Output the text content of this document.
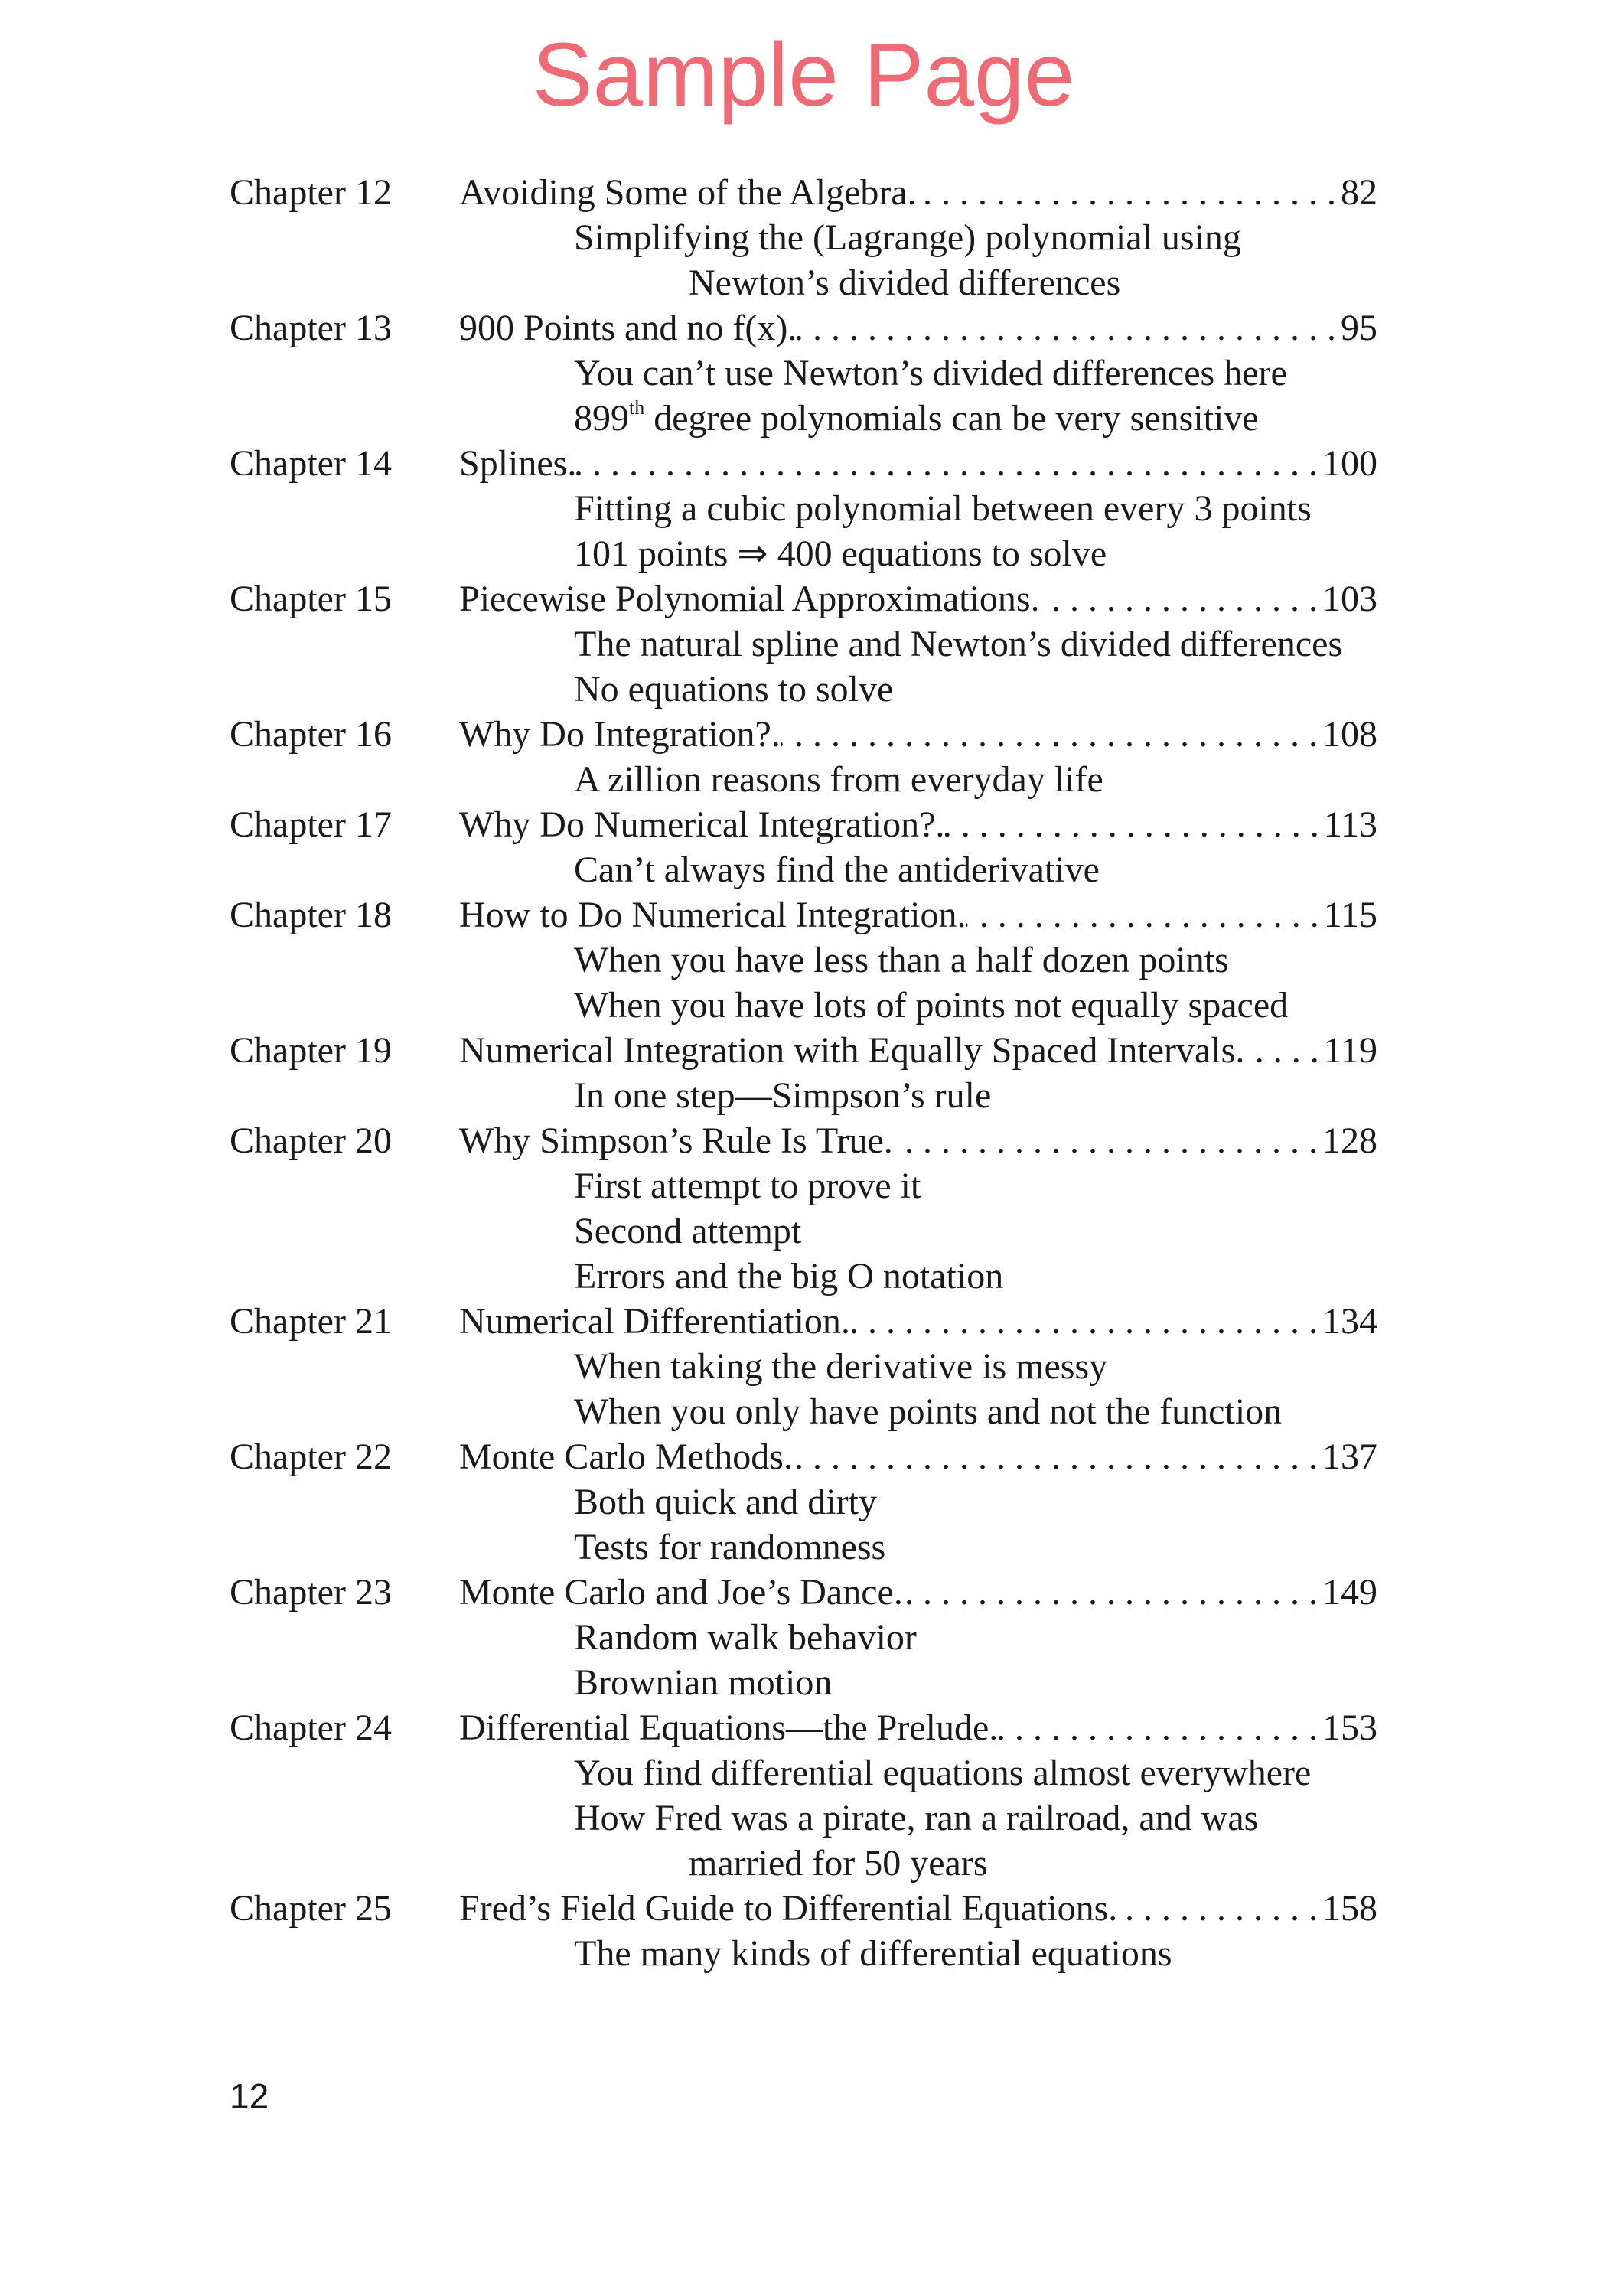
Sample Page
Chapter 12 Avoiding Some of the Algebra. . . .	82
Simplifying the (Lagrange) polynomial using
Newton’s divided differences
Chapter 13 900 Points and no f(x). . . .	95
You can’t use Newton’s divided differences here
899th degree polynomials can be very sensitive
Chapter 14 Splines. . . .	100
Fitting a cubic polynomial between every 3 points
101 points ⇒ 400 equations to solve
Chapter 15 Piecewise Polynomial Approximations. . . .	103
The natural spline and Newton’s divided differences
No equations to solve
Chapter 16 Why Do Integration?. . . .	108
A zillion reasons from everyday life
Chapter 17 Why Do Numerical Integration?. . . .	113
Can’t always find the antiderivative
Chapter 18 How to Do Numerical Integration. . . .	115
When you have less than a half dozen points
When you have lots of points not equally spaced
Chapter 19 Numerical Integration with Equally Spaced Intervals. . . . 119
In one step—Simpson’s rule
Chapter 20 Why Simpson’s Rule Is True. . . .	128
First attempt to prove it
Second attempt
Errors and the big O notation
Chapter 21 Numerical Differentiation. . . .	134
When taking the derivative is messy
When you only have points and not the function
Chapter 22 Monte Carlo Methods. . . .	137
Both quick and dirty
Tests for randomness
Chapter 23 Monte Carlo and Joe’s Dance. . . .	149
Random walk behavior
Brownian motion
Chapter 24 Differential Equations—the Prelude. . . .	153
You find differential equations almost everywhere
How Fred was a pirate, ran a railroad, and was
married for 50 years
Chapter 25 Fred’s Field Guide to Differential Equations. . . .	158
The many kinds of differential equations
12
